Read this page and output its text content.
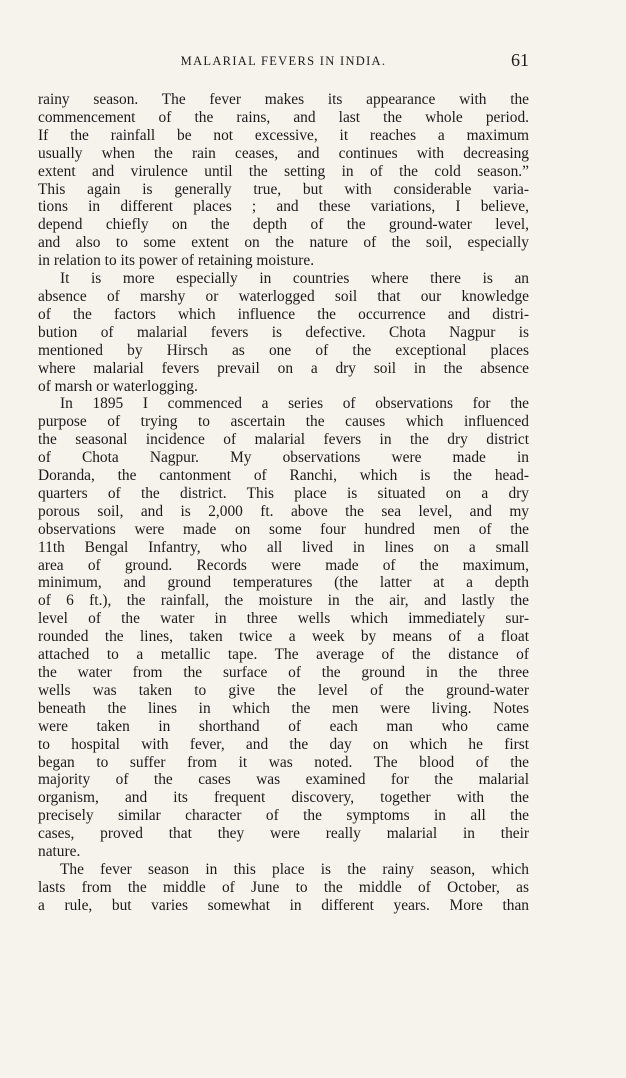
MALARIAL FEVERS IN INDIA.	61
rainy season. The fever makes its appearance with the
commencement of the rains, and last the whole period.
If the rainfall be not excessive, it reaches a maximum
usually when the rain ceases, and continues with decreasing
extent and virulence until the setting in of the cold season.”
This again is generally true, but with considerable varia-
tions in different places ; and these variations, I believe,
depend chiefly on the depth of the ground-water level,
and also to some extent on the nature of the soil, especially
in relation to its power of retaining moisture.
It is more especially in countries where there is an
absence of marshy or waterlogged soil that our knowledge
of the factors which influence the occurrence and distri-
bution of malarial fevers is defective. Chota Nagpur is
mentioned by Hirsch as one of the exceptional places
where malarial fevers prevail on a dry soil in the absence
of marsh or waterlogging.
In 1895 I commenced a series of observations for the
purpose of trying to ascertain the causes which influenced
the seasonal incidence of malarial fevers in the dry district
of Chota Nagpur. My observations were made in
Doranda, the cantonment of Ranchi, which is the head-
quarters of the district. This place is situated on a dry
porous soil, and is 2,000 ft. above the sea level, and my
observations were made on some four hundred men of the
11th Bengal Infantry, who all lived in lines on a small
area of ground. Records were made of the maximum,
minimum, and ground temperatures (the latter at a depth
of 6 ft.), the rainfall, the moisture in the air, and lastly the
level of the water in three wells which immediately sur-
rounded the lines, taken twice a week by means of a float
attached to a metallic tape. The average of the distance of
the water from the surface of the ground in the three
wells was taken to give the level of the ground-water
beneath the lines in which the men were living. Notes
were taken in shorthand of each man who came
to hospital with fever, and the day on which he first
began to suffer from it was noted. The blood of the
majority of the cases was examined for the malarial
organism, and its frequent discovery, together with the
precisely similar character of the symptoms in all the
cases, proved that they were really malarial in their
nature.
The fever season in this place is the rainy season, which
lasts from the middle of June to the middle of October, as
a rule, but varies somewhat in different years. More than
